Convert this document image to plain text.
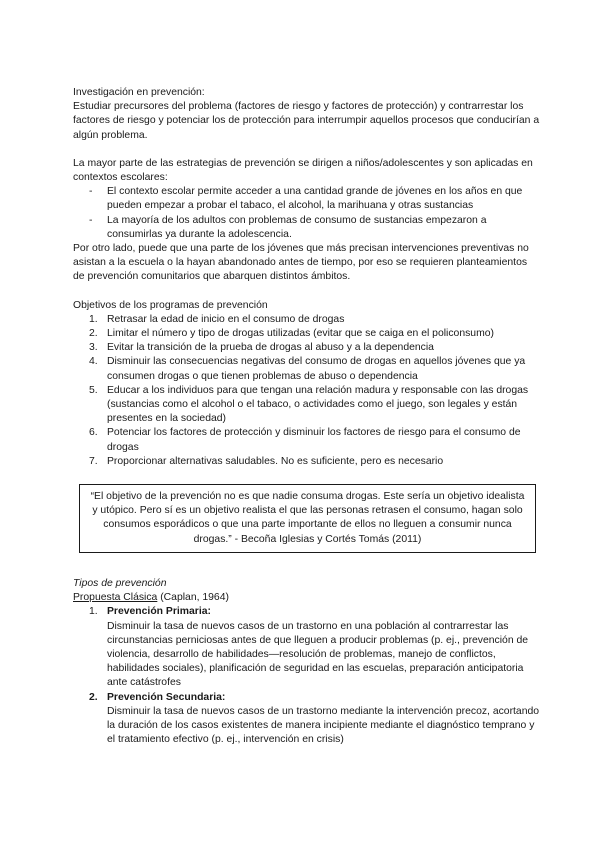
Investigación en prevención:

Estudiar precursores del problema (factores de riesgo y factores de protección) y contrarrestar los factores de riesgo y potenciar los de protección para interrumpir aquellos procesos que conducirían a algún problema.

La mayor parte de las estrategias de prevención se dirigen a niños/adolescentes y son aplicadas en contextos escolares:

- El contexto escolar permite acceder a una cantidad grande de jóvenes en los años en que pueden empezar a probar el tabaco, el alcohol, la marihuana y otras sustancias
- La mayoría de los adultos con problemas de consumo de sustancias empezaron a consumirlas ya durante la adolescencia.

Por otro lado, puede que una parte de los jóvenes que más precisan intervenciones preventivas no asistan a la escuela o la hayan abandonado antes de tiempo, por eso se requieren planteamientos de prevención comunitarios que abarquen distintos ámbitos.

Objetivos de los programas de prevención

1. Retrasar la edad de inicio en el consumo de drogas
2. Limitar el número y tipo de drogas utilizadas (evitar que se caiga en el policonsumo)
3. Evitar la transición de la prueba de drogas al abuso y a la dependencia
4. Disminuir las consecuencias negativas del consumo de drogas en aquellos jóvenes que ya consumen drogas o que tienen problemas de abuso o dependencia
5. Educar a los individuos para que tengan una relación madura y responsable con las drogas (sustancias como el alcohol o el tabaco, o actividades como el juego, son legales y están presentes en la sociedad)
6. Potenciar los factores de protección y disminuir los factores de riesgo para el consumo de drogas
7. Proporcionar alternativas saludables. No es suficiente, pero es necesario

“El objetivo de la prevención no es que nadie consuma drogas. Este sería un objetivo idealista y utópico. Pero sí es un objetivo realista el que las personas retrasen el consumo, hagan solo consumos esporádicos o que una parte importante de ellos no lleguen a consumir nunca drogas.” - Becoña Iglesias y Cortés Tomás (2011)

Tipos de prevención

Propuesta Clásica (Caplan, 1964)

1. Prevención Primaria:
Disminuir la tasa de nuevos casos de un trastorno en una población al contrarrestar las circunstancias perniciosas antes de que lleguen a producir problemas (p. ej., prevención de violencia, desarrollo de habilidades—resolución de problemas, manejo de conflictos, habilidades sociales), planificación de seguridad en las escuelas, preparación anticipatoria ante catástrofes
2. Prevención Secundaria:
Disminuir la tasa de nuevos casos de un trastorno mediante la intervención precoz, acortando la duración de los casos existentes de manera incipiente mediante el diagnóstico temprano y el tratamiento efectivo (p. ej., intervención en crisis)
